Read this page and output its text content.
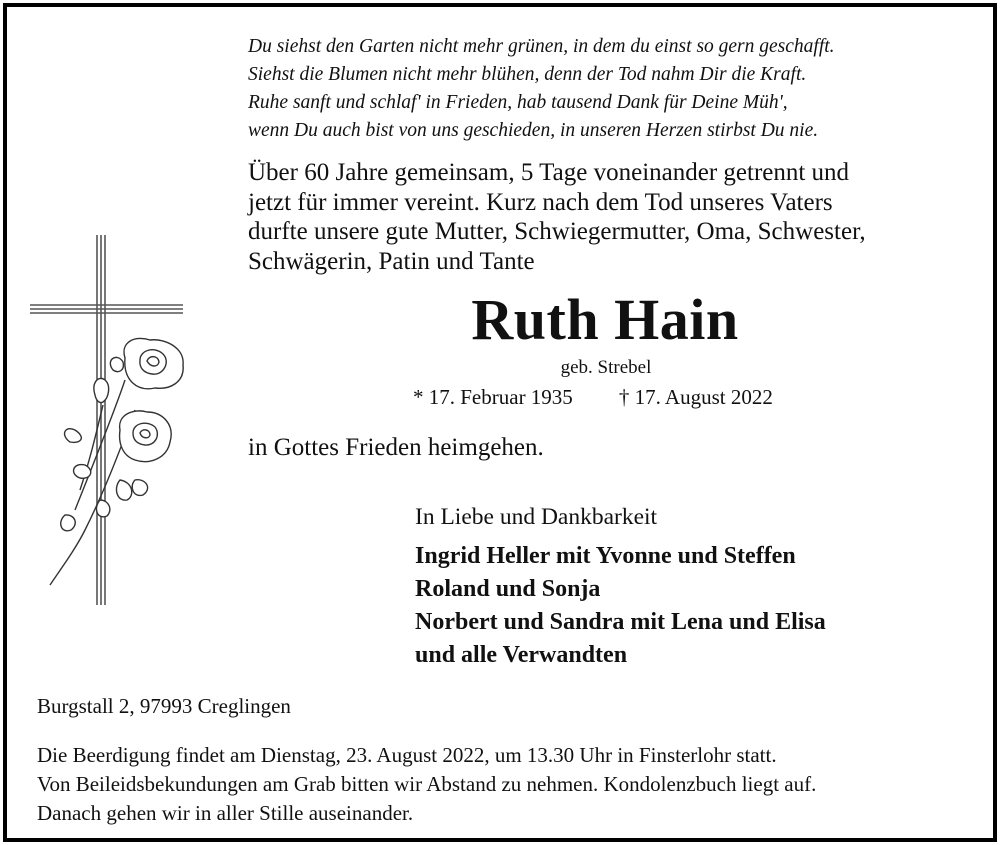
Du siehst den Garten nicht mehr grünen, in dem du einst so gern geschafft.
Siehst die Blumen nicht mehr blühen, denn der Tod nahm Dir die Kraft.
Ruhe sanft und schlaf' in Frieden, hab tausend Dank für Deine Müh',
wenn Du auch bist von uns geschieden, in unseren Herzen stirbst Du nie.
Über 60 Jahre gemeinsam, 5 Tage voneinander getrennt und
jetzt für immer vereint. Kurz nach dem Tod unseres Vaters
durfte unsere gute Mutter, Schwiegermutter, Oma, Schwester,
Schwägerin, Patin und Tante
Ruth Hain
geb. Strebel
* 17. Februar 1935 † 17. August 2022
in Gottes Frieden heimgehen.
In Liebe und Dankbarkeit
Ingrid Heller mit Yvonne und Steffen
Roland und Sonja
Norbert und Sandra mit Lena und Elisa
und alle Verwandten
Burgstall 2, 97993 Creglingen
Die Beerdigung findet am Dienstag, 23. August 2022, um 13.30 Uhr in Finsterlohr statt.
Von Beileidsbekundungen am Grab bitten wir Abstand zu nehmen. Kondolenzbuch liegt auf.
Danach gehen wir in aller Stille auseinander.
